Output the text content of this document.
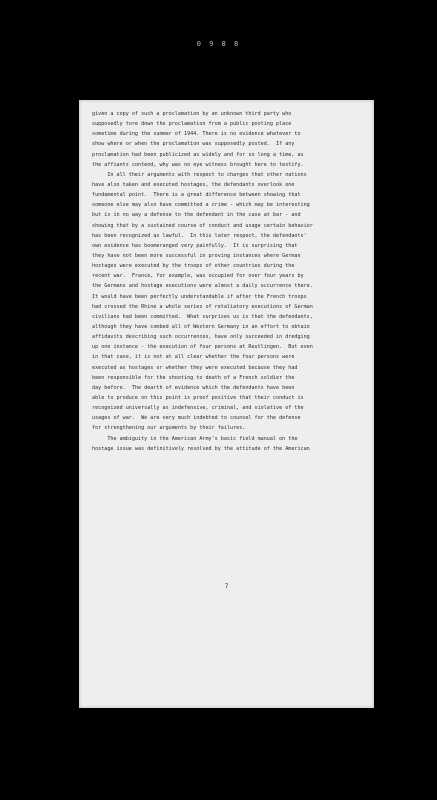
0 9 8 8
given a copy of such a proclamation by an unknown third party who
supposedly tore down the proclamation from a public posting place
sometime during the summer of 1944. There is no evidence whatever to
show where or when the proclamation was supposedly posted.  If any
proclamation had been publicized as widely and for so long a time, as
the affiants contend, why was no eye witness brought here to testify.
In all their arguments with respect to charges that other nations
have also taken and executed hostages, the defendants overlook one
fundamental point.  There is a great difference between showing that
someone else may also have committed a crime - which may be interesting
but is in no way a defense to the defendant in the case at bar - and
showing that by a sustained course of conduct and usage certain behavior
has been recognized as lawful.  In this later respect, the defendants'
own evidence has boomeranged very painfully.  It is surprising that
they have not been more successful in proving instances where German
hostages were executed by the troops of other countries during the
recent war.  France, for example, was occupied for over four years by
the Germans and hostage executions were almost a daily occurrence there.
It would have been perfectly understandable if after the French troops
had crossed the Rhine a whole series of retaliatory executions of German
civilians had been committed.  What surprises us is that the defendants,
although they have combed all of Western Germany in an effort to obtain
affidavits describing such occurrences, have only succeeded in dredging
up one instance - the execution of four persons at Reutlingen.  But even
in that case, it is not at all clear whether the four persons were
executed as hostages or whether they were executed because they had
been responsible for the shooting to death of a French soldier the
day before.  The dearth of evidence which the defendants have been
able to produce on this point is proof positive that their conduct is
recognized universally as indefensive, criminal, and violative of the
usages of war.  We are very much indebted to counsel for the defense
for strengthening our arguments by their failures.
The ambiguity in the American Army's basic field manual on the
hostage issue was definitively resolved by the attitude of the American
7
